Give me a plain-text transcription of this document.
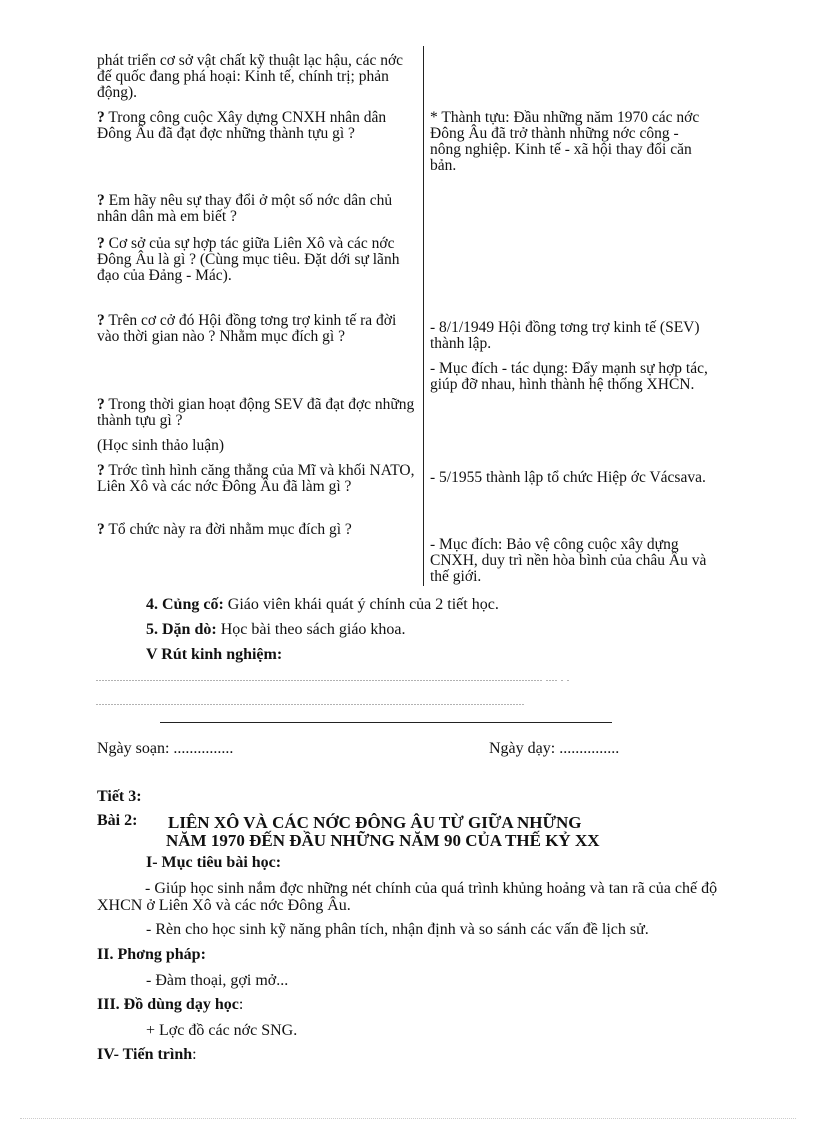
phát triển cơ sở vật chất kỹ thuật lạc hậu, các nớc đế quốc đang phá hoại: Kinh tế, chính trị; phản động).
? Trong công cuộc Xây dựng CNXH nhân dân Đông Âu đã đạt đợc những thành tựu gì ?
? Em hãy nêu sự thay đổi ở một số nớc dân chủ nhân dân mà em biết ?
? Cơ sở của sự hợp tác giữa Liên Xô và các nớc Đông Âu là gì ? (Cùng mục tiêu. Đặt dới sự lãnh đạo của Đảng - Mác).
? Trên cơ cở đó Hội đồng tơng trợ kinh tế ra đời vào thời gian nào ? Nhằm mục đích gì ?
? Trong thời gian hoạt động SEV đã đạt đợc những thành tựu gì ?
(Học sinh thảo luận)
? Trớc tình hình căng thẳng của Mĩ và khối NATO, Liên Xô và các nớc Đông Âu đã làm gì ?
? Tổ chức này ra đời nhằm mục đích gì ?
* Thành tựu: Đầu những năm 1970 các nớc Đông Âu đã trở thành những nớc công - nông nghiệp. Kinh tế - xã hội thay đổi căn bản.
- 8/1/1949 Hội đồng tơng trợ kinh tế (SEV) thành lập.
- Mục đích - tác dụng: Đẩy mạnh sự hợp tác, giúp đỡ nhau, hình thành hệ thống XHCN.
- 5/1955 thành lập tổ chức Hiệp ớc Vácsava.
- Mục đích: Bảo vệ công cuộc xây dựng CNXH, duy trì nền hòa bình của châu Âu và thế giới.
4. Củng cố: Giáo viên khái quát ý chính của 2 tiết học.
5. Dặn dò: Học bài theo sách giáo khoa.
V Rút kinh nghiệm:
..................................................................................................................................................... .... . .
...............................................................................................................................................
Ngày soạn: ...............	Ngày dạy: ...............
Tiết 3:
Bài 2: LIÊN XÔ VÀ CÁC NỚC ĐÔNG ÂU TỪ GIỮA NHỮNG
NĂM 1970 ĐẾN ĐẦU NHỮNG NĂM 90 CỦA THẾ KỶ XX
I- Mục tiêu bài học:
- Giúp học sinh nắm đợc những nét chính của quá trình khủng hoảng và tan rã của chế độ XHCN ở Liên Xô và các nớc Đông Âu.
- Rèn cho học sinh kỹ năng phân tích, nhận định và so sánh các vấn đề lịch sử.
II. Phơng pháp:
- Đàm thoại, gợi mở...
III. Đồ dùng dạy học:
+ Lợc đồ các nớc SNG.
IV- Tiến trình:
